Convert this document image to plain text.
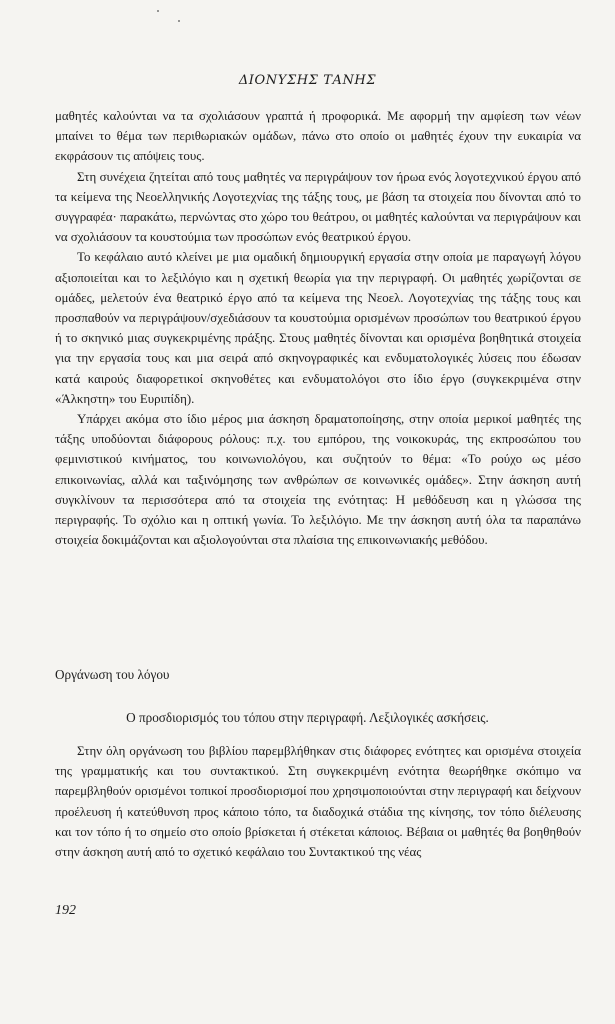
ΔΙΟΝΥΣΗΣ ΤΑΝΗΣ

μαθητές καλούνται να τα σχολιάσουν γραπτά ή προφορικά. Με αφορμή την αμφίεση των νέων μπαίνει το θέμα των περιθωριακών ομάδων, πάνω στο οποίο οι μαθητές έχουν την ευκαιρία να εκφράσουν τις απόψεις τους.

Στη συνέχεια ζητείται από τους μαθητές να περιγράψουν τον ήρωα ενός λογοτεχνικού έργου από τα κείμενα της Νεοελληνικής Λογοτεχνίας της τάξης τους, με βάση τα στοιχεία που δίνονται από το συγγραφέα· παρακάτω, περνώντας στο χώρο του θεάτρου, οι μαθητές καλούνται να περιγράψουν και να σχολιάσουν τα κουστούμια των προσώπων ενός θεατρικού έργου.

Το κεφάλαιο αυτό κλείνει με μια ομαδική δημιουργική εργασία στην οποία με παραγωγή λόγου αξιοποιείται και το λεξιλόγιο και η σχετική θεωρία για την περιγραφή. Οι μαθητές χωρίζονται σε ομάδες, μελετούν ένα θεατρικό έργο από τα κείμενα της Νεοελ. Λογοτεχνίας της τάξης τους και προσπαθούν να περιγράψουν/σχεδιάσουν τα κουστούμια ορισμένων προσώπων του θεατρικού έργου ή το σκηνικό μιας συγκεκριμένης πράξης. Στους μαθητές δίνονται και ορισμένα βοηθητικά στοιχεία για την εργασία τους και μια σειρά από σκηνογραφικές και ενδυματολογικές λύσεις που έδωσαν κατά καιρούς διαφορετικοί σκηνοθέτες και ενδυματολόγοι στο ίδιο έργο (συγκεκριμένα στην «Άλκηστη» του Ευριπίδη).

Υπάρχει ακόμα στο ίδιο μέρος μια άσκηση δραματοποίησης, στην οποία μερικοί μαθητές της τάξης υποδύονται διάφορους ρόλους: π.χ. του εμπόρου, της νοικοκυράς, της εκπροσώπου του φεμινιστικού κινήματος, του κοινωνιολόγου, και συζητούν το θέμα: «Το ρούχο ως μέσο επικοινωνίας, αλλά και ταξινόμησης των ανθρώπων σε κοινωνικές ομάδες». Στην άσκηση αυτή συγκλίνουν τα περισσότερα από τα στοιχεία της ενότητας: Η μεθόδευση και η γλώσσα της περιγραφής. Το σχόλιο και η οπτική γωνία. Το λεξιλόγιο. Με την άσκηση αυτή όλα τα παραπάνω στοιχεία δοκιμάζονται και αξιολογούνται στα πλαίσια της επικοινωνιακής μεθόδου.

Οργάνωση του λόγου
Ο προσδιορισμός του τόπου στην περιγραφή. Λεξιλογικές ασκήσεις.

Στην όλη οργάνωση του βιβλίου παρεμβλήθηκαν στις διάφορες ενότητες και ορισμένα στοιχεία της γραμματικής και του συντακτικού. Στη συγκεκριμένη ενότητα θεωρήθηκε σκόπιμο να παρεμβληθούν ορισμένοι τοπικοί προσδιορισμοί που χρησιμοποιούνται στην περιγραφή και δείχνουν προέλευση ή κατεύθυνση προς κάποιο τόπο, τα διαδοχικά στάδια της κίνησης, τον τόπο διέλευσης και τον τόπο ή το σημείο στο οποίο βρίσκεται ή στέκεται κάποιος. Βέβαια οι μαθητές θα βοηθηθούν στην άσκηση αυτή από το σχετικό κεφάλαιο του Συντακτικού της νέας

192
